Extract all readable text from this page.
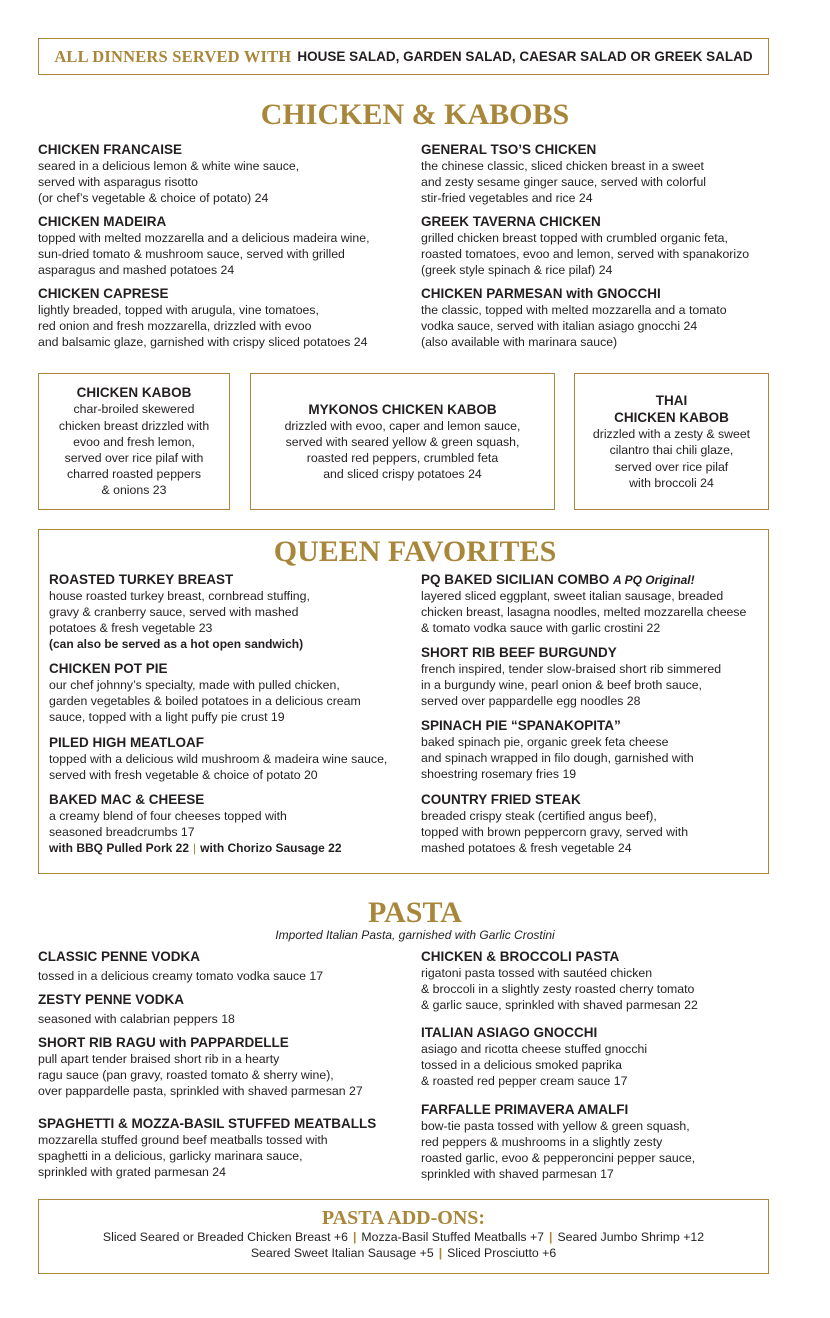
ALL DINNERS SERVED WITH HOUSE SALAD, GARDEN SALAD, CAESAR SALAD OR GREEK SALAD
CHICKEN & KABOBS
CHICKEN FRANCAISE
seared in a delicious lemon & white wine sauce,
served with asparagus risotto
(or chef’s vegetable & choice of potato) 24
CHICKEN MADEIRA
topped with melted mozzarella and a delicious madeira wine,
sun-dried tomato & mushroom sauce, served with grilled
asparagus and mashed potatoes 24
CHICKEN CAPRESE
lightly breaded, topped with arugula, vine tomatoes,
red onion and fresh mozzarella, drizzled with evoo
and balsamic glaze, garnished with crispy sliced potatoes 24
GENERAL TSO’S CHICKEN
the chinese classic, sliced chicken breast in a sweet
and zesty sesame ginger sauce, served with colorful
stir-fried vegetables and rice 24
GREEK TAVERNA CHICKEN
grilled chicken breast topped with crumbled organic feta,
roasted tomatoes, evoo and lemon, served with spanakorizo
(greek style spinach & rice pilaf) 24
CHICKEN PARMESAN with GNOCCHI
the classic, topped with melted mozzarella and a tomato
vodka sauce, served with italian asiago gnocchi 24
(also available with marinara sauce)
CHICKEN KABOB
char-broiled skewered
chicken breast drizzled with
evoo and fresh lemon,
served over rice pilaf with
charred roasted peppers
& onions 23
MYKONOS CHICKEN KABOB
drizzled with evoo, caper and lemon sauce,
served with seared yellow & green squash,
roasted red peppers, crumbled feta
and sliced crispy potatoes 24
THAI
CHICKEN KABOB
drizzled with a zesty & sweet
cilantro thai chili glaze,
served over rice pilaf
with broccoli 24
QUEEN FAVORITES
ROASTED TURKEY BREAST
house roasted turkey breast, cornbread stuffing,
gravy & cranberry sauce, served with mashed
potatoes & fresh vegetable 23
(can also be served as a hot open sandwich)
CHICKEN POT PIE
our chef johnny’s specialty, made with pulled chicken,
garden vegetables & boiled potatoes in a delicious cream
sauce, topped with a light puffy pie crust 19
PILED HIGH MEATLOAF
topped with a delicious wild mushroom & madeira wine sauce,
served with fresh vegetable & choice of potato 20
BAKED MAC & CHEESE
a creamy blend of four cheeses topped with
seasoned breadcrumbs 17
with BBQ Pulled Pork 22 | with Chorizo Sausage 22
PQ BAKED SICILIAN COMBO A PQ Original!
layered sliced eggplant, sweet italian sausage, breaded
chicken breast, lasagna noodles, melted mozzarella cheese
& tomato vodka sauce with garlic crostini 22
SHORT RIB BEEF BURGUNDY
french inspired, tender slow-braised short rib simmered
in a burgundy wine, pearl onion & beef broth sauce,
served over pappardelle egg noodles 28
SPINACH PIE “SPANAKOPITA”
baked spinach pie, organic greek feta cheese
and spinach wrapped in filo dough, garnished with
shoestring rosemary fries 19
COUNTRY FRIED STEAK
breaded crispy steak (certified angus beef),
topped with brown peppercorn gravy, served with
mashed potatoes & fresh vegetable 24
PASTA
Imported Italian Pasta, garnished with Garlic Crostini
CLASSIC PENNE VODKA
tossed in a delicious creamy tomato vodka sauce 17
ZESTY PENNE VODKA
seasoned with calabrian peppers 18
SHORT RIB RAGU with PAPPARDELLE
pull apart tender braised short rib in a hearty
ragu sauce (pan gravy, roasted tomato & sherry wine),
over pappardelle pasta, sprinkled with shaved parmesan 27
SPAGHETTI & MOZZA-BASIL STUFFED MEATBALLS
mozzarella stuffed ground beef meatballs tossed with
spaghetti in a delicious, garlicky marinara sauce,
sprinkled with grated parmesan 24
CHICKEN & BROCCOLI PASTA
rigatoni pasta tossed with sautéed chicken
& broccoli in a slightly zesty roasted cherry tomato
& garlic sauce, sprinkled with shaved parmesan 22
ITALIAN ASIAGO GNOCCHI
asiago and ricotta cheese stuffed gnocchi
tossed in a delicious smoked paprika
& roasted red pepper cream sauce 17
FARFALLE PRIMAVERA AMALFI
bow-tie pasta tossed with yellow & green squash,
red peppers & mushrooms in a slightly zesty
roasted garlic, evoo & pepperoncini pepper sauce,
sprinkled with shaved parmesan 17
PASTA ADD-ONS:
Sliced Seared or Breaded Chicken Breast +6 | Mozza-Basil Stuffed Meatballs +7 | Seared Jumbo Shrimp +12
Seared Sweet Italian Sausage +5 | Sliced Prosciutto +6
